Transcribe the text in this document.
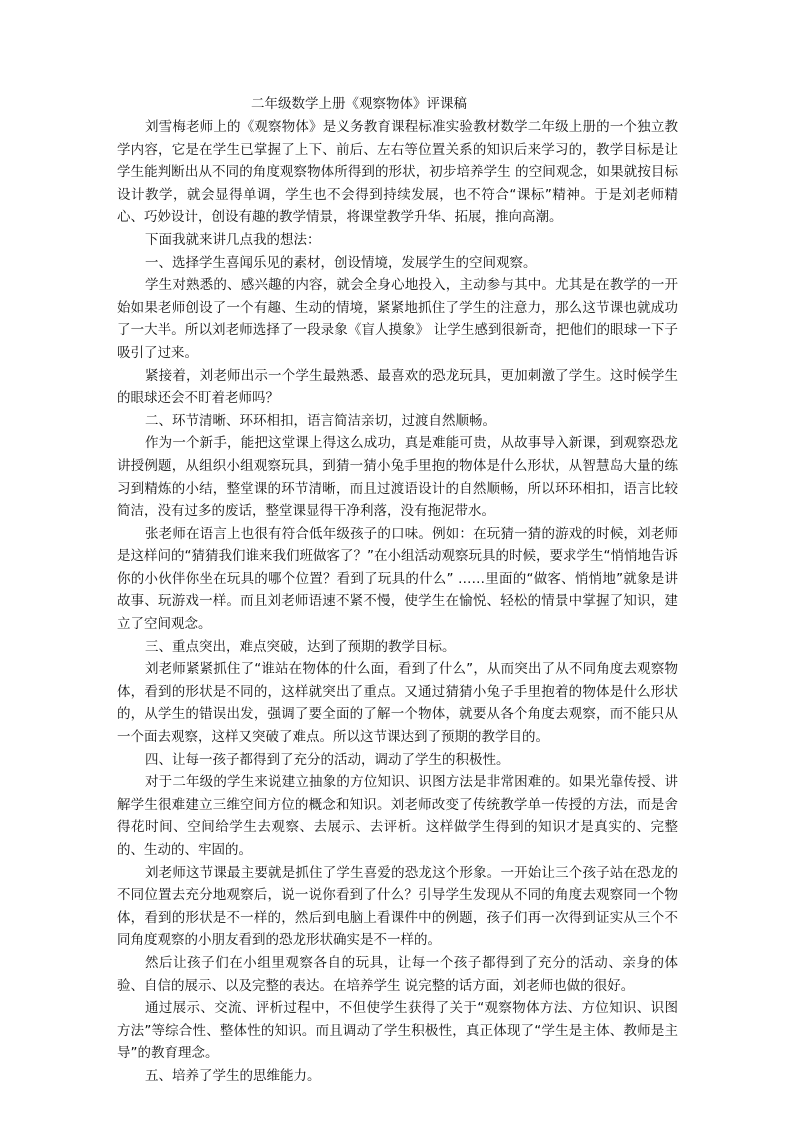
二年级数学上册《观察物体》评课稿

刘雪梅老师上的《观察物体》是义务教育课程标准实验教材数学二年级上册的一个独立教学内容，它是在学生已掌握了上下、前后、左右等位置关系的知识后来学习的，教学目标是让学生能判断出从不同的角度观察物体所得到的形状，初步培养学生 的空间观念，如果就按目标设计教学，就会显得单调，学生也不会得到持续发展，也不符合“课标”精神。于是刘老师精心、巧妙设计，创设有趣的教学情景，将课堂教学升华、拓展，推向高潮。

下面我就来讲几点我的想法：

一、选择学生喜闻乐见的素材，创设情境，发展学生的空间观察。

学生对熟悉的、感兴趣的内容，就会全身心地投入，主动参与其中。尤其是在教学的一开始如果老师创设了一个有趣、生动的情境，紧紧地抓住了学生的注意力，那么这节课也就成功了一大半。所以刘老师选择了一段录象《盲人摸象》 让学生感到很新奇，把他们的眼球一下子吸引了过来。

紧接着，刘老师出示一个学生最熟悉、最喜欢的恐龙玩具，更加刺激了学生。这时候学生的眼球还会不盯着老师吗？

二、环节清晰、环环相扣，语言简洁亲切，过渡自然顺畅。

作为一个新手，能把这堂课上得这么成功，真是难能可贵，从故事导入新课，到观察恐龙讲授例题，从组织小组观察玩具，到猜一猜小兔手里抱的物体是什么形状，从智慧岛大量的练习到精炼的小结，整堂课的环节清晰，而且过渡语设计的自然顺畅，所以环环相扣，语言比较简洁，没有过多的废话，整堂课显得干净利落，没有拖泥带水。

张老师在语言上也很有符合低年级孩子的口味。例如：在玩猜一猜的游戏的时候，刘老师是这样问的“猜猜我们谁来我们班做客了？”在小组活动观察玩具的时候，要求学生“悄悄地告诉你的小伙伴你坐在玩具的哪个位置？看到了玩具的什么” ……里面的“做客、悄悄地”就象是讲故事、玩游戏一样。而且刘老师语速不紧不慢，使学生在愉悦、轻松的情景中掌握了知识，建立了空间观念。

三、重点突出，难点突破，达到了预期的教学目标。

刘老师紧紧抓住了“谁站在物体的什么面，看到了什么”，从而突出了从不同角度去观察物体，看到的形状是不同的，这样就突出了重点。又通过猜猜小兔子手里抱着的物体是什么形状的，从学生的错误出发，强调了要全面的了解一个物体，就要从各个角度去观察，而不能只从一个面去观察，这样又突破了难点。所以这节课达到了预期的教学目的。

四、让每一孩子都得到了充分的活动，调动了学生的积极性。

对于二年级的学生来说建立抽象的方位知识、识图方法是非常困难的。如果光靠传授、讲解学生很难建立三维空间方位的概念和知识。刘老师改变了传统教学单一传授的方法，而是舍得花时间、空间给学生去观察、去展示、去评析。这样做学生得到的知识才是真实的、完整的、生动的、牢固的。

刘老师这节课最主要就是抓住了学生喜爱的恐龙这个形象。一开始让三个孩子站在恐龙的不同位置去充分地观察后，说一说你看到了什么？引导学生发现从不同的角度去观察同一个物体，看到的形状是不一样的，然后到电脑上看课件中的例题，孩子们再一次得到证实从三个不同角度观察的小朋友看到的恐龙形状确实是不一样的。

然后让孩子们在小组里观察各自的玩具，让每一个孩子都得到了充分的活动、亲身的体验、自信的展示、以及完整的表达。在培养学生 说完整的话方面，刘老师也做的很好。

通过展示、交流、评析过程中，不但使学生获得了关于“观察物体方法、方位知识、识图方法”等综合性、整体性的知识。而且调动了学生积极性，真正体现了“学生是主体、教师是主导”的教育理念。

五、培养了学生的思维能力。
